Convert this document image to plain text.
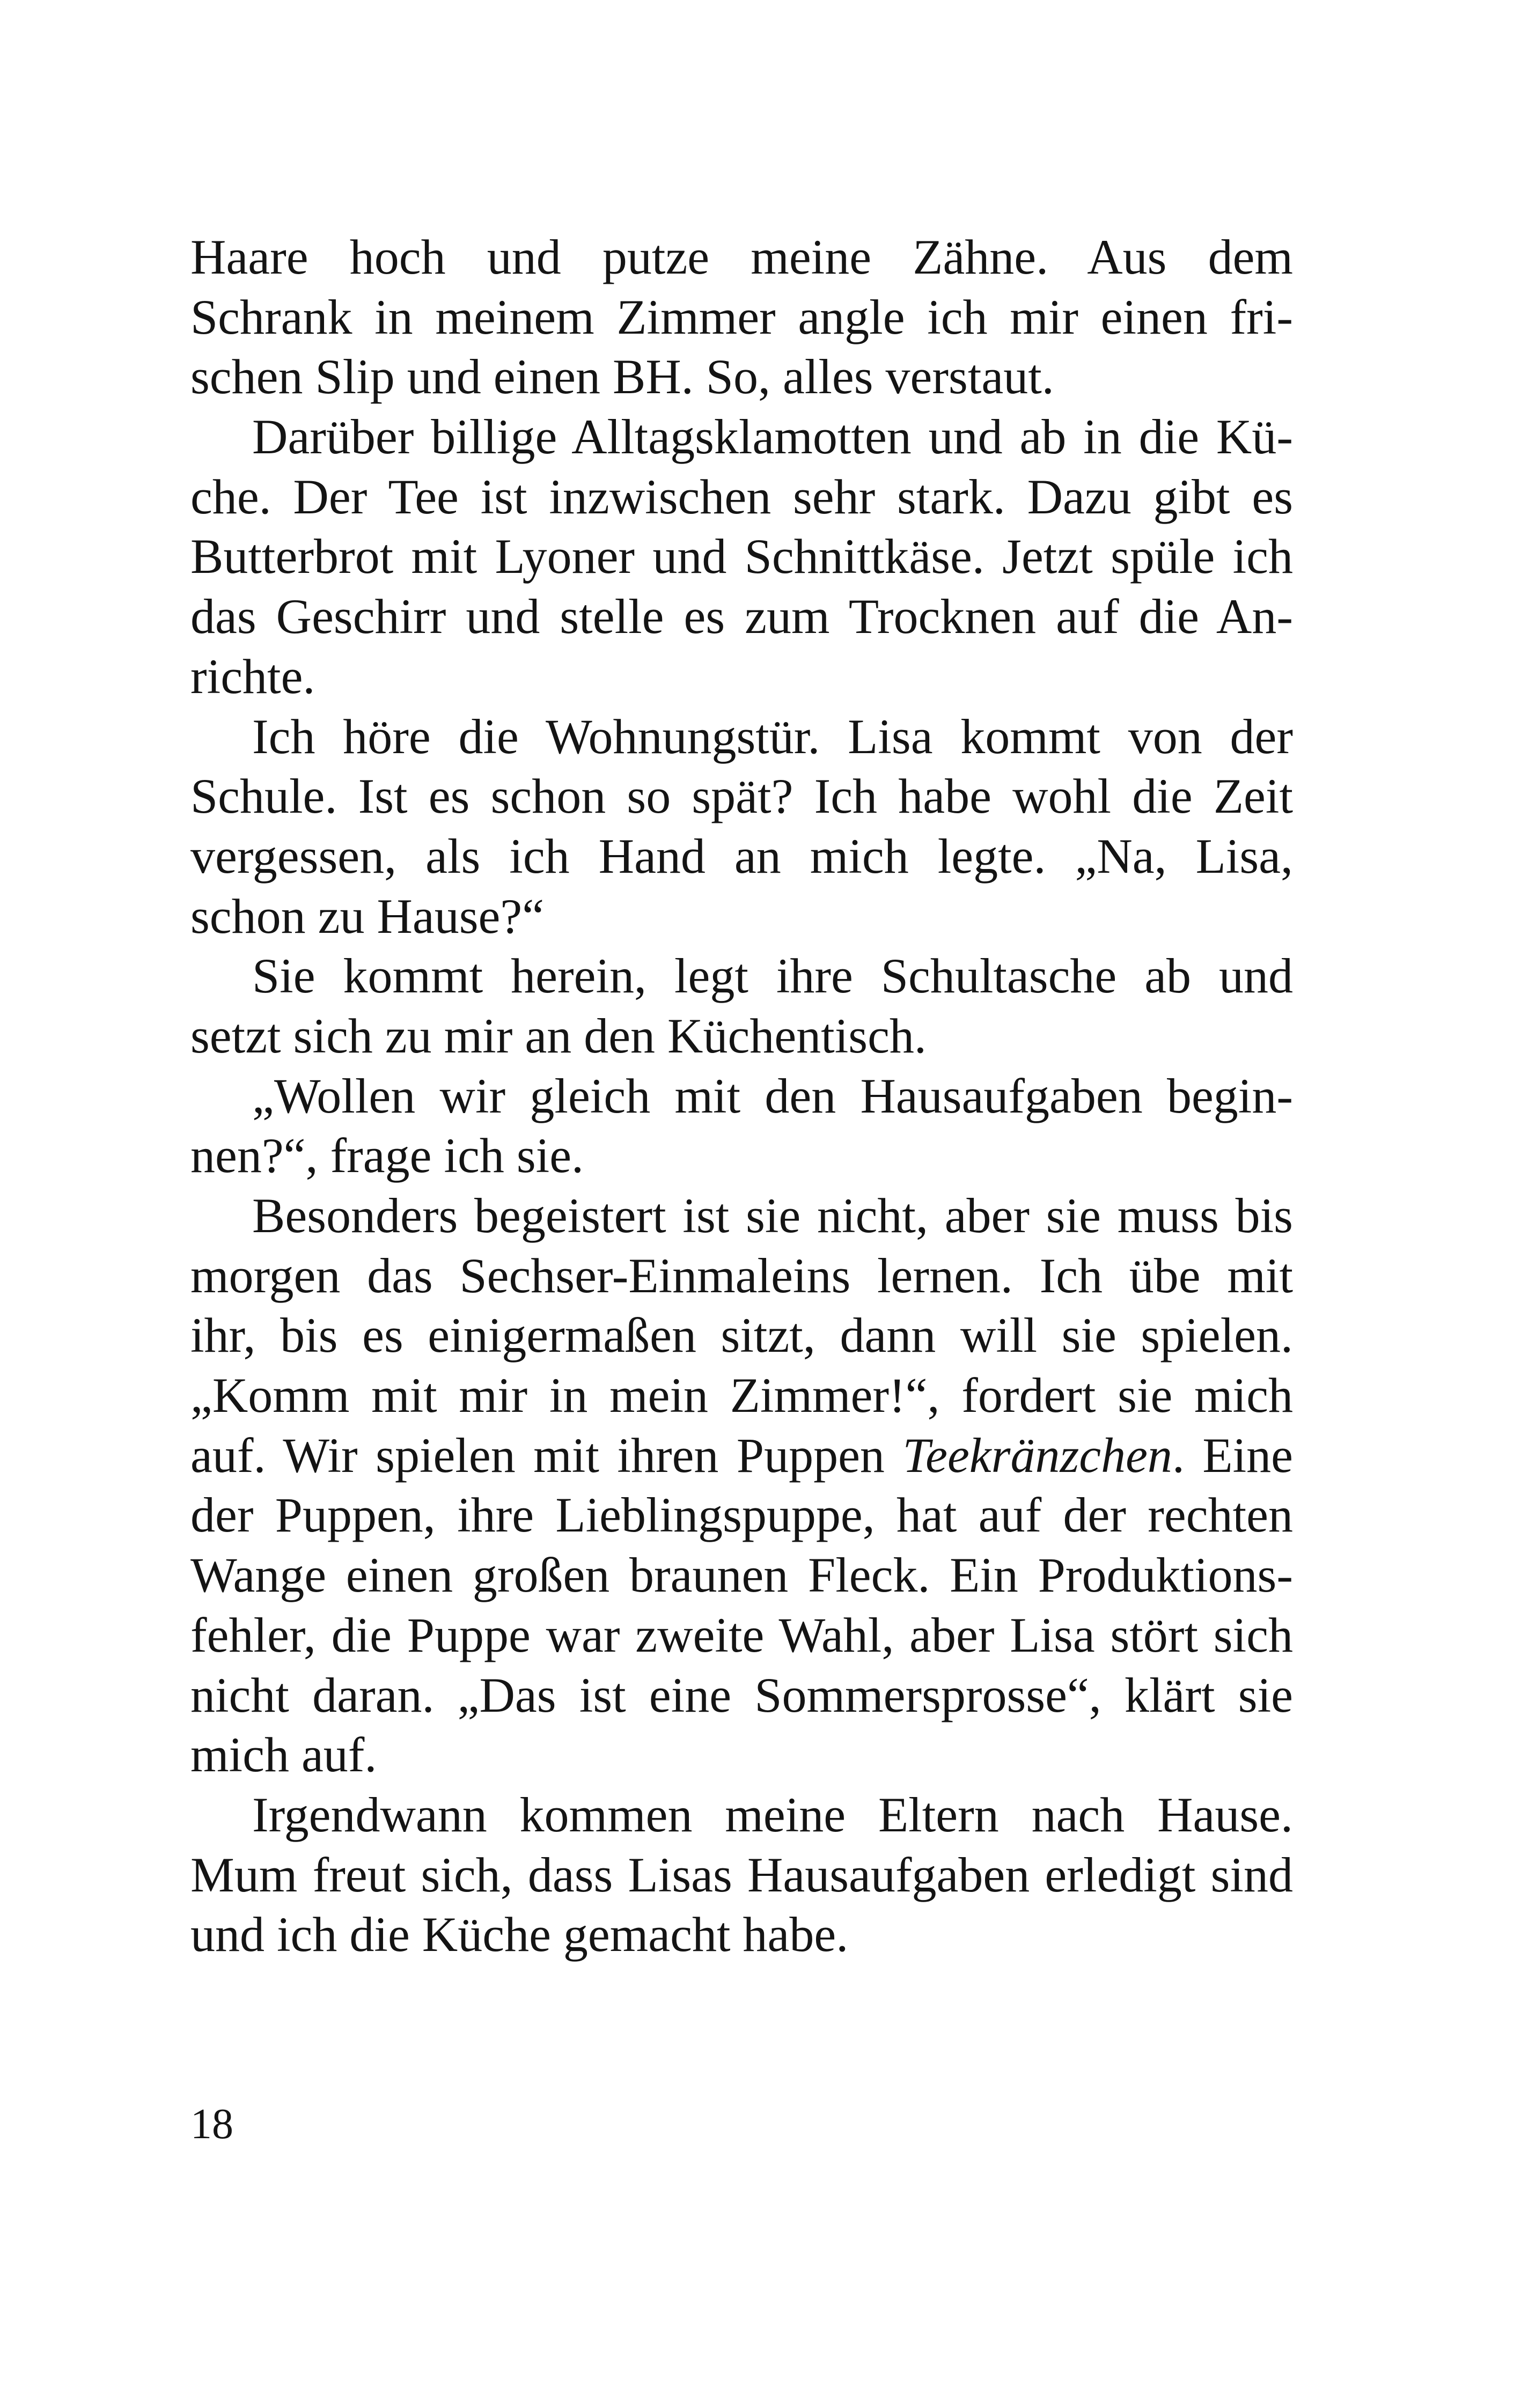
Haare hoch und putze meine Zähne. Aus dem
Schrank in meinem Zimmer angle ich mir einen fri-
schen Slip und einen BH. So, alles verstaut.
Darüber billige Alltagsklamotten und ab in die Kü-
che. Der Tee ist inzwischen sehr stark. Dazu gibt es
Butterbrot mit Lyoner und Schnittkäse. Jetzt spüle ich
das Geschirr und stelle es zum Trocknen auf die An-
richte.
Ich höre die Wohnungstür. Lisa kommt von der
Schule. Ist es schon so spät? Ich habe wohl die Zeit
vergessen, als ich Hand an mich legte. „Na, Lisa,
schon zu Hause?“
Sie kommt herein, legt ihre Schultasche ab und
setzt sich zu mir an den Küchentisch.
„Wollen wir gleich mit den Hausaufgaben begin-
nen?“, frage ich sie.
Besonders begeistert ist sie nicht, aber sie muss bis
morgen das Sechser-Einmaleins lernen. Ich übe mit
ihr, bis es einigermaßen sitzt, dann will sie spielen.
„Komm mit mir in mein Zimmer!“, fordert sie mich
auf. Wir spielen mit ihren Puppen Teekränzchen. Eine
der Puppen, ihre Lieblingspuppe, hat auf der rechten
Wange einen großen braunen Fleck. Ein Produktions-
fehler, die Puppe war zweite Wahl, aber Lisa stört sich
nicht daran. „Das ist eine Sommersprosse“, klärt sie
mich auf.
Irgendwann kommen meine Eltern nach Hause.
Mum freut sich, dass Lisas Hausaufgaben erledigt sind
und ich die Küche gemacht habe.
18
